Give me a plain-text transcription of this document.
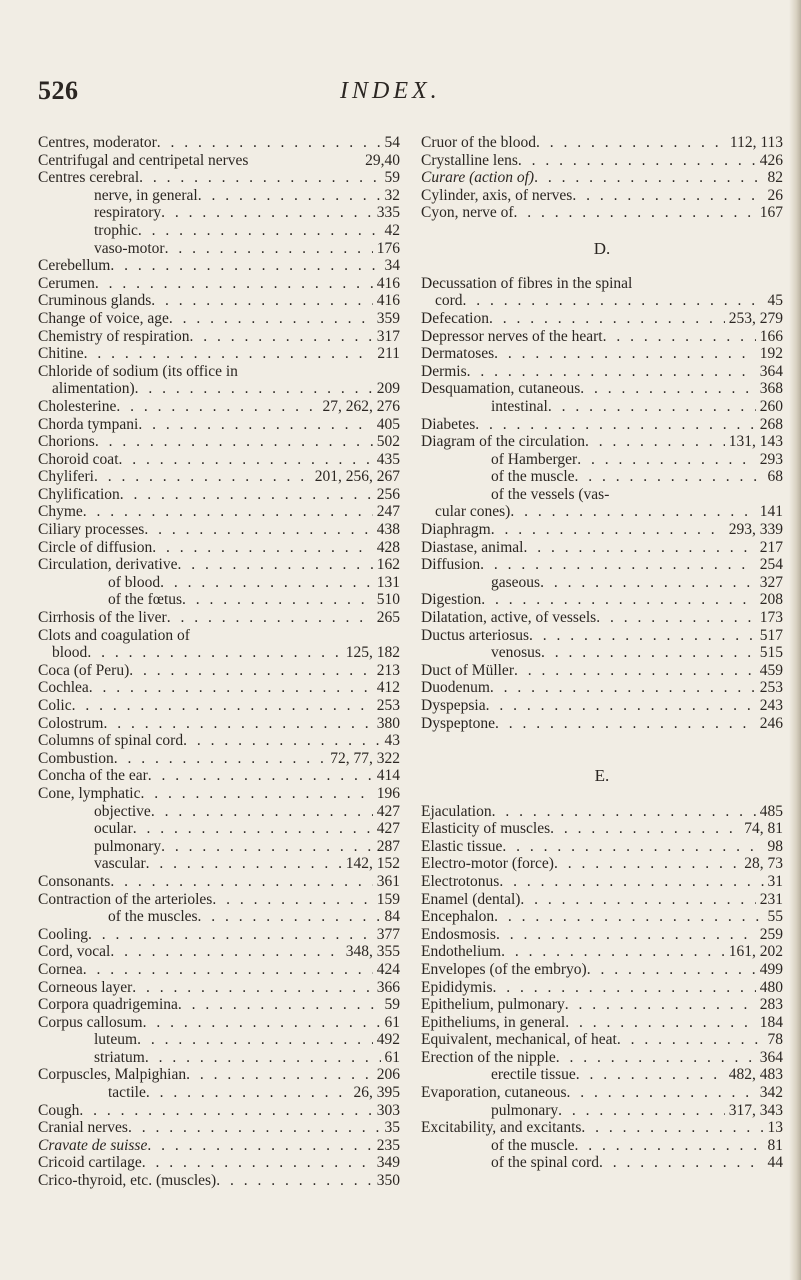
526	INDEX.
Centres, moderator . . .	54
Centrifugal and centripetal nerves	29,40
Centres cerebral . . .	59
nerve, in general . . .	32
respiratory . . .	335
trophic . . .	42
vaso-motor . . .	176
Cerebellum . . .	34
Cerumen . . .	416
Cruminous glands . . .	416
Change of voice, age . . .	359
Chemistry of respiration . . .	317
Chitine . . .	211
Chloride of sodium (its office in
alimentation) . . .	209
Cholesterine . . .	27, 262, 276
Chorda tympani . . .	405
Chorions . . .	502
Choroid coat . . .	435
Chyliferi . . .	201, 256, 267
Chylification . . .	256
Chyme . . .	247
Ciliary processes . . .	438
Circle of diffusion . . .	428
Circulation, derivative . . .	162
of blood . . .	131
of the fœtus . . .	510
Cirrhosis of the liver . . .	265
Clots and coagulation of
blood . . .	125, 182
Coca (of Peru) . . .	213
Cochlea . . .	412
Colic . . .	253
Colostrum . . .	380
Columns of spinal cord . . .	43
Combustion . . .	72, 77, 322
Concha of the ear . . .	414
Cone, lymphatic . . .	196
objective . . .	427
ocular . . .	427
pulmonary . . .	287
vascular . . .	142, 152
Consonants . . .	361
Contraction of the arterioles . . .	159
of the muscles . . .	84
Cooling . . .	377
Cord, vocal . . .	348, 355
Cornea . . .	424
Corneous layer . . .	366
Corpora quadrigemina . . .	59
Corpus callosum . . .	61
luteum . . .	492
striatum . . .	61
Corpuscles, Malpighian . . .	206
tactile . . .	26, 395
Cough . . .	303
Cranial nerves . . .	35
Cravate de suisse . . .	235
Cricoid cartilage . . .	349
Crico-thyroid, etc. (muscles) . . .	350
Cruor of the blood . . .	112, 113
Crystalline lens . . .	426
Curare (action of) . . .	82
Cylinder, axis, of nerves . . .	26
Cyon, nerve of . . .	167
D.
Decussation of fibres in the spinal
cord . . .	45
Defecation . . .	253, 279
Depressor nerves of the heart . . .	166
Dermatoses . . .	192
Dermis . . .	364
Desquamation, cutaneous . . .	368
intestinal . . .	260
Diabetes . . .	268
Diagram of the circulation . . .	131, 143
of Hamberger . . .	293
of the muscle . . .	68
of the vessels (vas-
cular cones) . . .	141
Diaphragm . . .	293, 339
Diastase, animal . . .	217
Diffusion . . .	254
gaseous . . .	327
Digestion . . .	208
Dilatation, active, of vessels . . .	173
Ductus arteriosus . . .	517
venosus . . .	515
Duct of Müller . . .	459
Duodenum . . .	253
Dyspepsia . . .	243
Dyspeptone . . .	246
E.
Ejaculation . . .	485
Elasticity of muscles . . .	74, 81
Elastic tissue . . .	98
Electro-motor (force) . . .	28, 73
Electrotonus . . .	31
Enamel (dental) . . .	231
Encephalon . . .	55
Endosmosis . . .	259
Endothelium . . .	161, 202
Envelopes (of the embryo) . . .	499
Epididymis . . .	480
Epithelium, pulmonary . . .	283
Epitheliums, in general . . .	184
Equivalent, mechanical, of heat . . .	78
Erection of the nipple . . .	364
erectile tissue . . .	482, 483
Evaporation, cutaneous . . .	342
pulmonary . . .	317, 343
Excitability, and excitants . . .	13
of the muscle . . .	81
of the spinal cord . . .	44
